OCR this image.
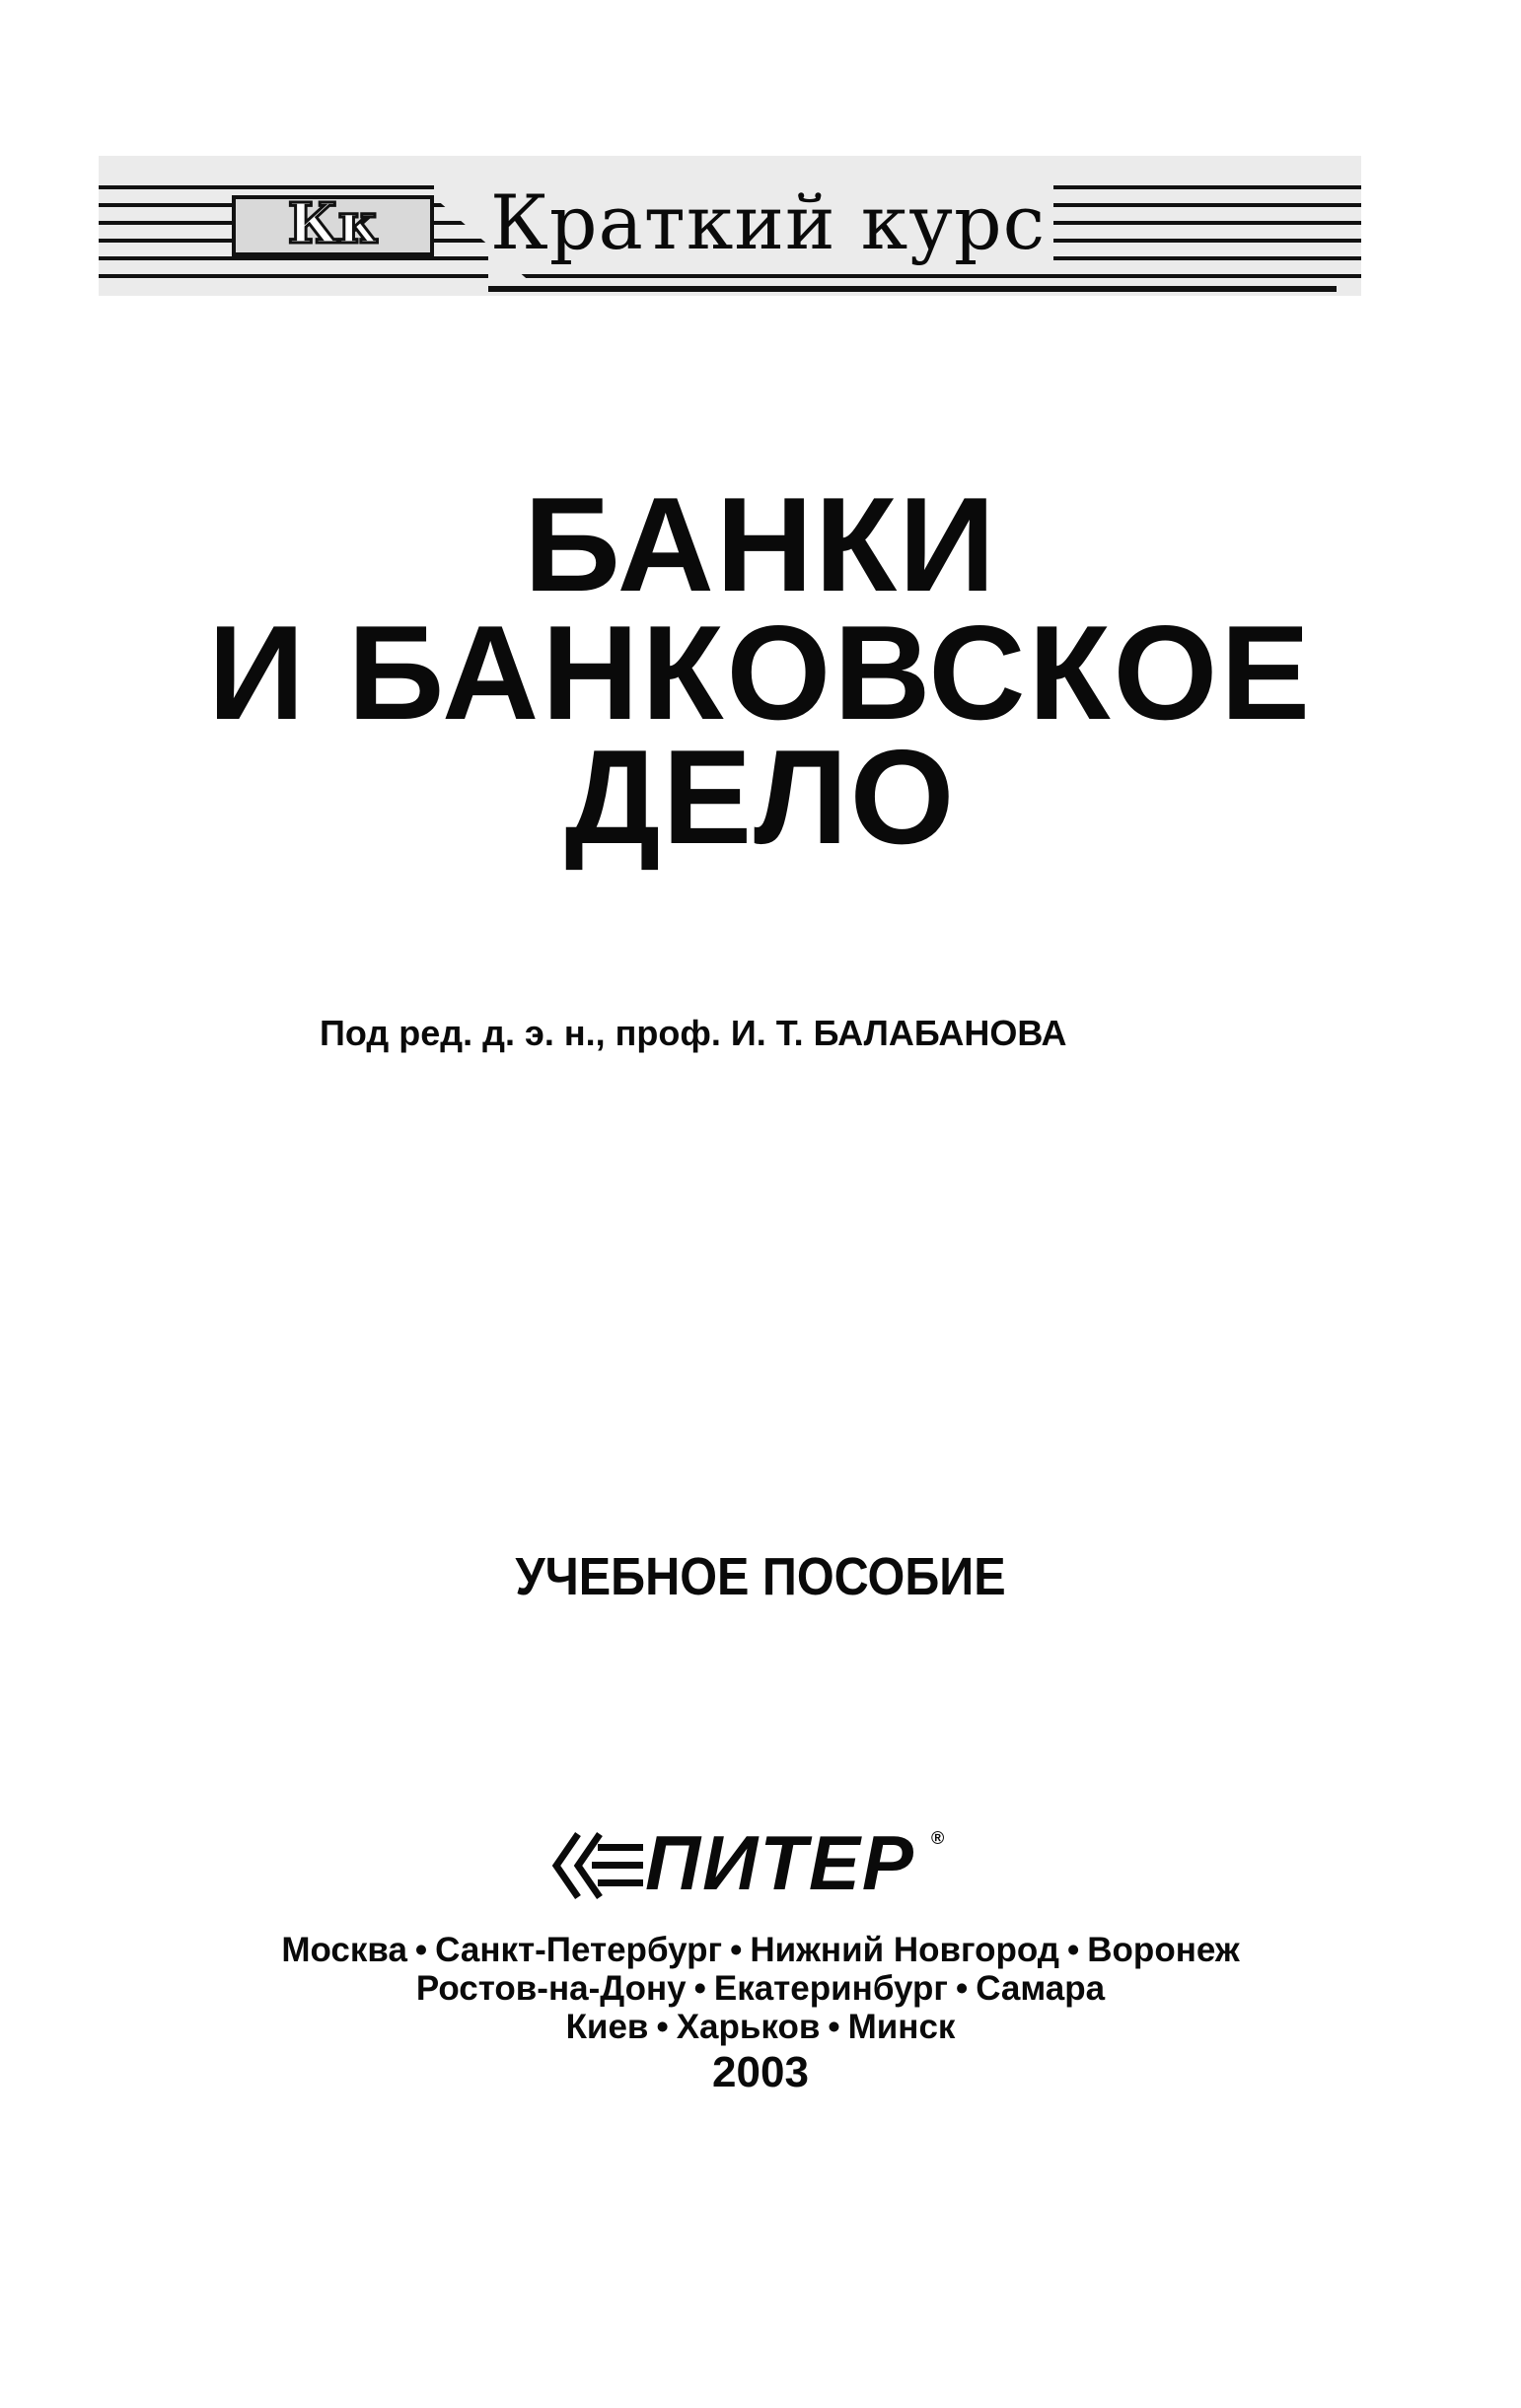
Кк Краткий курс
БАНКИ
И БАНКОВСКОЕ
ДЕЛО
Под ред. д. э. н., проф. И. Т. БАЛАБАНОВА
УЧЕБНОЕ ПОСОБИЕ
ПИТЕР ®
Москва • Санкт-Петербург • Нижний Новгород • Воронеж
Ростов-на-Дону • Екатеринбург • Самара
Киев • Харьков • Минск
2003
